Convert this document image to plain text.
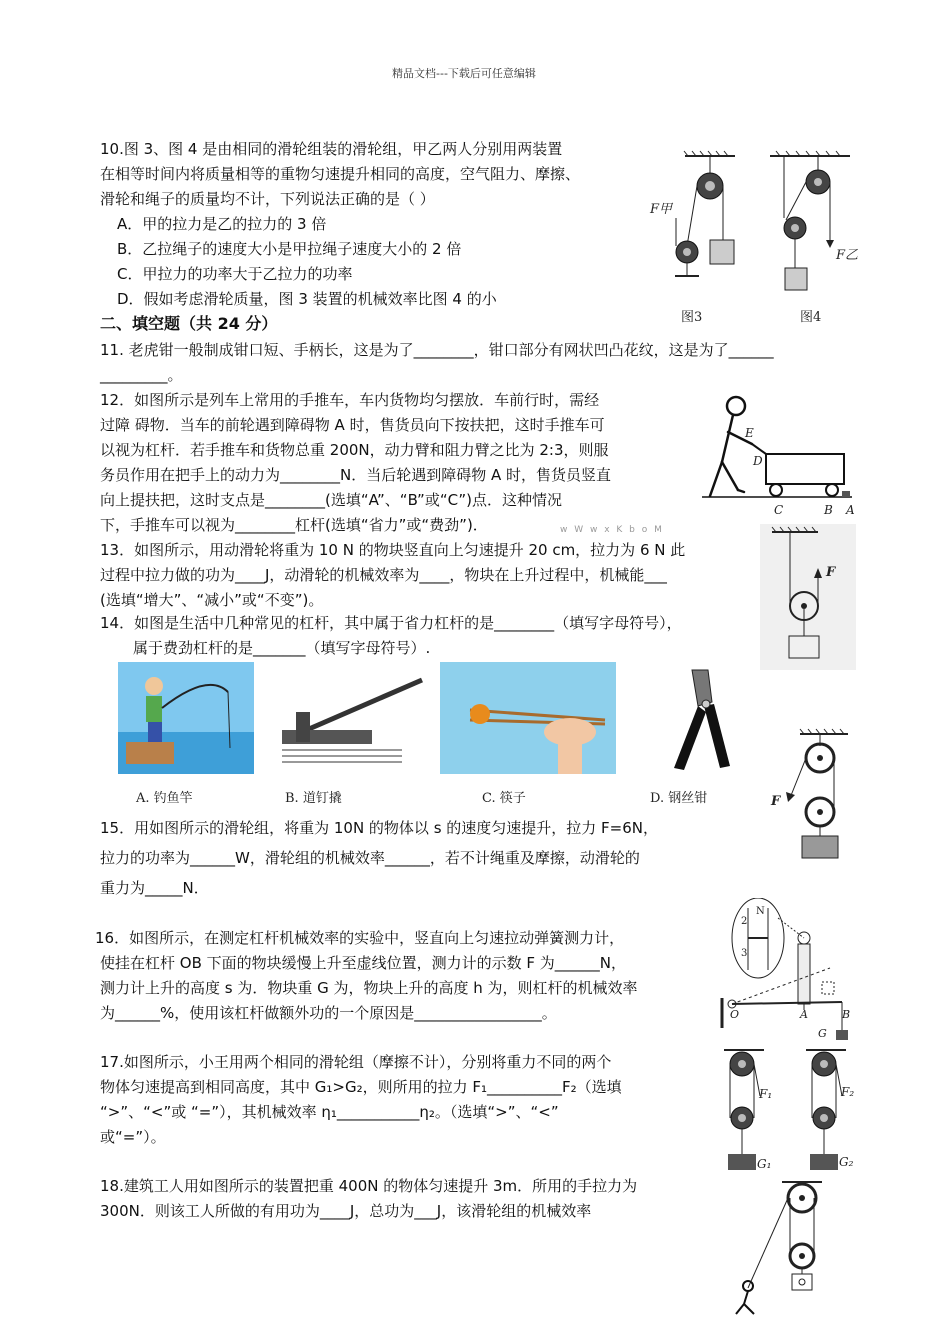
精品文档---下载后可任意编辑
10.图 3、图 4 是由相同的滑轮组装的滑轮组，甲乙两人分别用两装置
在相等时间内将质量相等的重物匀速提升相同的高度，空气阻力、摩擦、
滑轮和绳子的质量均不计，下列说法正确的是（ ）
A．甲的拉力是乙的拉力的 3 倍
B．乙拉绳子的速度大小是甲拉绳子速度大小的 2 倍
C．甲拉力的功率大于乙拉力的功率
D．假如考虑滑轮质量，图 3 装置的机械效率比图 4 的小
F甲
F乙
图3	图4
二、填空题（共 24 分）
11. 老虎钳一般制成钳口短、手柄长，这是为了________，钳口部分有网状凹凸花纹，这是为了______
_________。
12．如图所示是列车上常用的手推车，车内货物均匀摆放．车前行时，需经
过障 碍物．当车的前轮遇到障碍物 A 时，售货员向下按扶把，这时手推车可
以视为杠杆．若手推车和货物总重 200N，动力臂和阻力臂之比为 2:3，则服
务员作用在把手上的动力为________N．当后轮遇到障碍物 A 时，售货员竖直
向上提扶把，这时支点是________(选填“A”、“B”或“C”)点．这种情况
下，手推车可以视为________杠杆(选填“省力”或“费劲”)．	w W w x K b o M
E
D
C	B A
13．如图所示，用动滑轮将重为 10 N 的物块竖直向上匀速提升 20 cm，拉力为 6 N 此
过程中拉力做的功为____J，动滑轮的机械效率为____，物块在上升过程中，机械能___
(选填“增大”、“减小”或“不变”)。
F
14．如图是生活中几种常见的杠杆，其中属于省力杠杆的是________（填写字母符号），
属于费劲杠杆的是_______（填写字母符号）.
A. 钓鱼竿	B. 道钉撬	C. 筷子	D. 钢丝钳	F
15．用如图所示的滑轮组，将重为 10N 的物体以 s 的速度匀速提升，拉力 F=6N，
拉力的功率为______W，滑轮组的机械效率______，若不计绳重及摩擦，动滑轮的
重力为_____N．
16．如图所示，在测定杠杆机械效率的实验中，竖直向上匀速拉动弹簧测力计，
使挂在杠杆 OB 下面的物块缓慢上升至虚线位置，测力计的示数 F 为______N，
测力计上升的高度 s 为．物块重 G 为，物块上升的高度 h 为，则杠杆的机械效率
为______%，使用该杠杆做额外功的一个原因是_________________。	O	A	B
G
N
2
3
17.如图所示，小王用两个相同的滑轮组（摩擦不计），分别将重力不同的两个
物体匀速提高到相同高度，其中 G₁>G₂，则所用的拉力 F₁__________F₂（选填
“>”、“<”或 “=”），其机械效率 η₁___________η₂。（选填“>”、“<”
或“=”）。
F₁	F₂
G₁	G₂
18.建筑工人用如图所示的装置把重 400N 的物体匀速提升 3m．所用的手拉力为
300N．则该工人所做的有用功为____J，总功为___J，该滑轮组的机械效率
